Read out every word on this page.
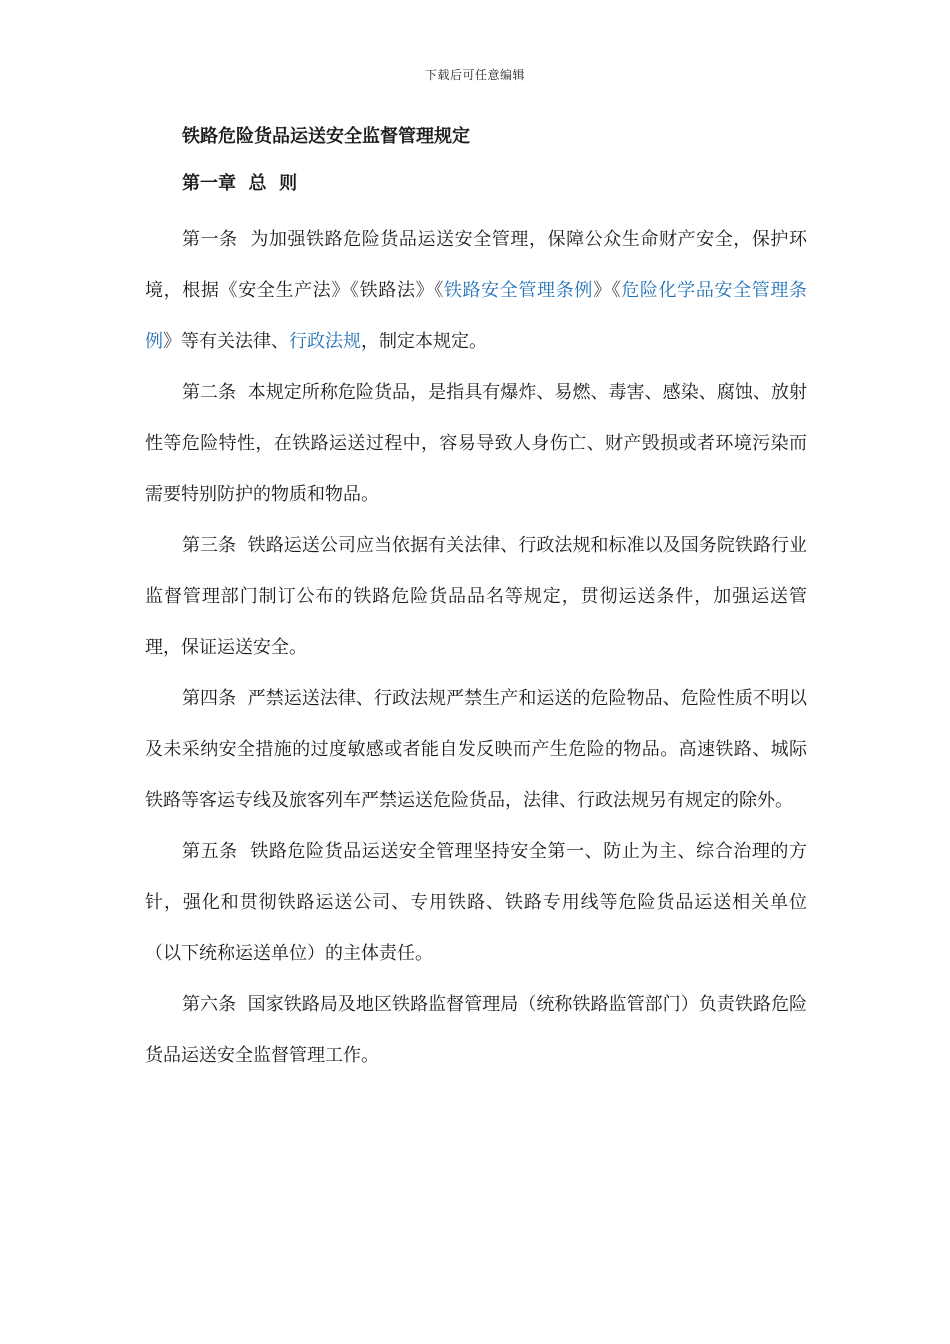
下载后可任意编辑

铁路危险货品运送安全监督管理规定

第一章  总  则

第一条  为加强铁路危险货品运送安全管理，保障公众生命财产安全，保护环境，根据《安全生产法》《铁路法》《铁路安全管理条例》《危险化学品安全管理条例》等有关法律、行政法规，制定本规定。

第二条  本规定所称危险货品，是指具有爆炸、易燃、毒害、感染、腐蚀、放射性等危险特性，在铁路运送过程中，容易导致人身伤亡、财产毁损或者环境污染而需要特别防护的物质和物品。

第三条  铁路运送公司应当依据有关法律、行政法规和标准以及国务院铁路行业监督管理部门制订公布的铁路危险货品品名等规定，贯彻运送条件，加强运送管理，保证运送安全。

第四条  严禁运送法律、行政法规严禁生产和运送的危险物品、危险性质不明以及未采纳安全措施的过度敏感或者能自发反映而产生危险的物品。高速铁路、城际铁路等客运专线及旅客列车严禁运送危险货品，法律、行政法规另有规定的除外。

第五条  铁路危险货品运送安全管理坚持安全第一、防止为主、综合治理的方针，强化和贯彻铁路运送公司、专用铁路、铁路专用线等危险货品运送相关单位（以下统称运送单位）的主体责任。

第六条  国家铁路局及地区铁路监督管理局（统称铁路监管部门）负责铁路危险货品运送安全监督管理工作。
